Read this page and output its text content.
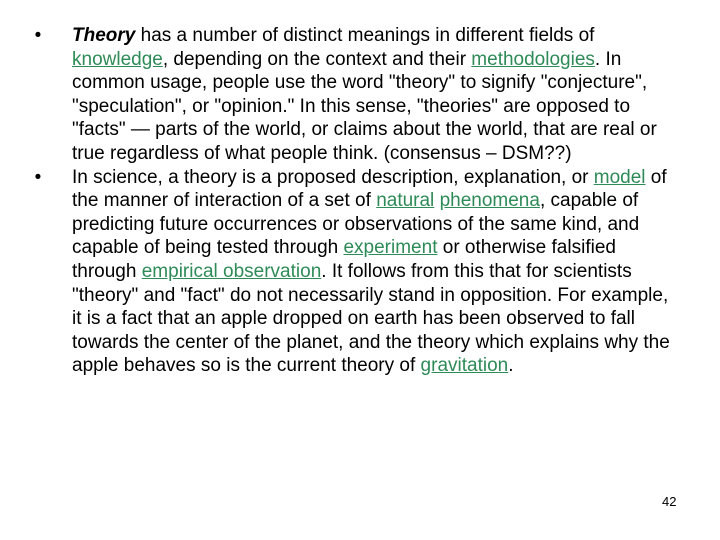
• Theory has a number of distinct meanings in different fields of knowledge, depending on the context and their methodologies. In common usage, people use the word "theory" to signify "conjecture", "speculation", or "opinion." In this sense, "theories" are opposed to "facts" — parts of the world, or claims about the world, that are real or true regardless of what people think. (consensus – DSM??)
• In science, a theory is a proposed description, explanation, or model of the manner of interaction of a set of natural phenomena, capable of predicting future occurrences or observations of the same kind, and capable of being tested through experiment or otherwise falsified through empirical observation. It follows from this that for scientists "theory" and "fact" do not necessarily stand in opposition. For example, it is a fact that an apple dropped on earth has been observed to fall towards the center of the planet, and the theory which explains why the apple behaves so is the current theory of gravitation.
42
